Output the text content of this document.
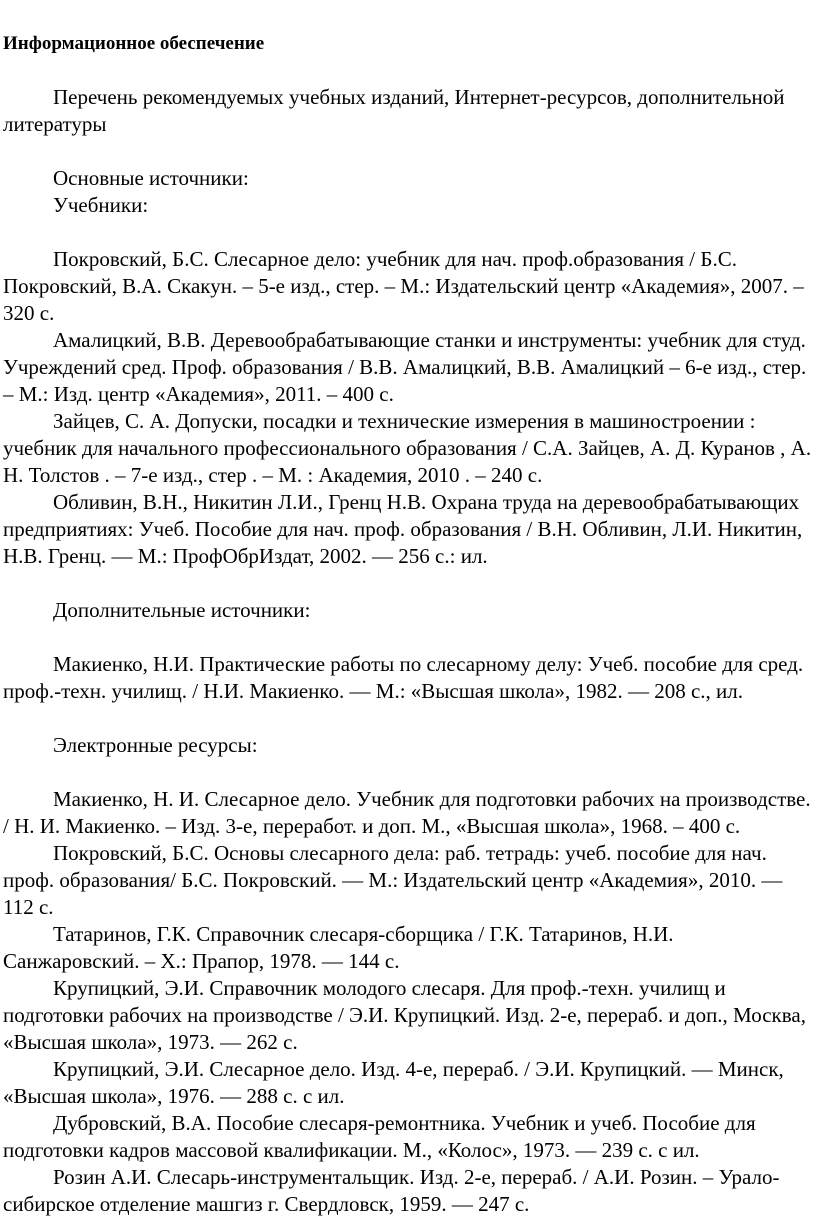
Информационное обеспечение

Перечень рекомендуемых учебных изданий, Интернет-ресурсов, дополнительной литературы

Основные источники:

Учебники:

Покровский, Б.С. Слесарное дело: учебник для нач. проф.образования / Б.С. Покровский, В.А. Скакун. – 5-е изд., стер. – М.: Издательский центр «Академия», 2007. – 320 с.

Амалицкий, В.В. Деревообрабатывающие станки и инструменты: учебник для студ. Учреждений сред. Проф. образования / В.В. Амалицкий, В.В. Амалицкий – 6-е изд., стер. – М.: Изд. центр «Академия», 2011. – 400 с.

Зайцев, С. А. Допуски, посадки и технические измерения в машиностроении : учебник для начального профессионального образования / С.А. Зайцев, А. Д. Куранов , А. Н. Толстов . – 7-е изд., стер . – М. : Академия, 2010 . – 240 с.

Обливин, В.Н., Никитин Л.И., Гренц Н.В. Охрана труда на деревообрабатывающих предприятиях: Учеб. Пособие для нач. проф. образования / В.Н. Обливин, Л.И. Никитин, Н.В. Гренц. — М.: ПрофОбрИздат, 2002. — 256 с.: ил.

Дополнительные источники:

Макиенко, Н.И. Практические работы по слесарному делу: Учеб. пособие для сред. проф.-техн. училищ. / Н.И. Макиенко. — М.: «Высшая школа», 1982. — 208 с., ил.

Электронные ресурсы:

Макиенко, Н. И. Слесарное дело. Учебник для подготовки рабочих на производстве. / Н. И. Макиенко. – Изд. 3-е, переработ. и доп. М., «Высшая школа», 1968. – 400 с.

Покровский, Б.С. Основы слесарного дела: раб. тетрадь: учеб. пособие для нач. проф. образования/ Б.С. Покровский. — М.: Издательский центр «Академия», 2010. — 112 с.

Татаринов, Г.К. Справочник слесаря-сборщика / Г.К. Татаринов, Н.И. Санжаровский. – Х.: Прапор, 1978. — 144 с.

Крупицкий, Э.И. Справочник молодого слесаря. Для проф.-техн. училищ и подготовки рабочих на производстве / Э.И. Крупицкий. Изд. 2-е, перераб. и доп., Москва, «Высшая школа», 1973. — 262 с.

Крупицкий, Э.И. Слесарное дело. Изд. 4-е, перераб. / Э.И. Крупицкий. — Минск, «Высшая школа», 1976. — 288 с. с ил.

Дубровский, В.А. Пособие слесаря-ремонтника. Учебник и учеб. Пособие для подготовки кадров массовой квалификации. М., «Колос», 1973. — 239 с. с ил.

Розин А.И. Слесарь-инструментальщик. Изд. 2-е, перераб. / А.И. Розин. – Урало-сибирское отделение машгиз г. Свердловск, 1959. — 247 с.
